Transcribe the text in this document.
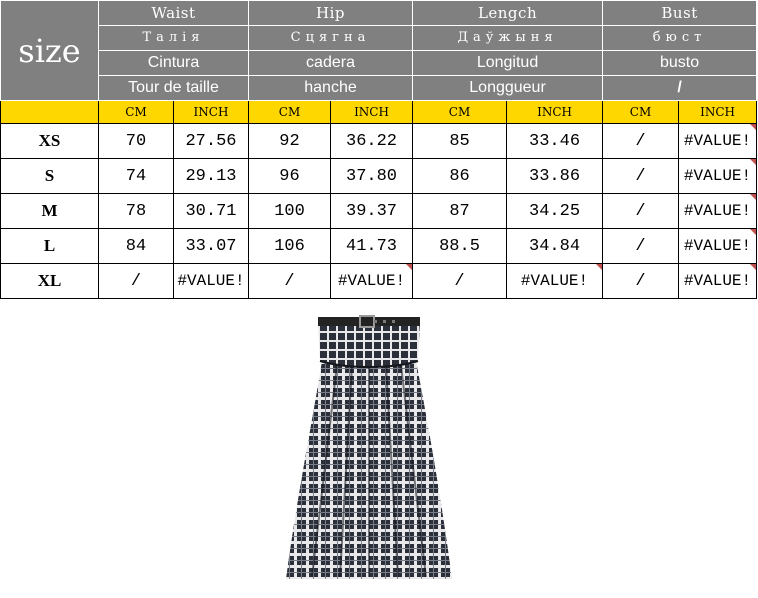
size	Waist		Hip		Lengch		Bust	
	Талія		Сцягна		Даўжыня		бюст	
	Cintura		cadera		Longitud		busto	
	Tour de taille		hanche		Longgueur		/	
	CM	INCH	CM	INCH	CM	INCH	CM	INCH
XS	70	27.56	92	36.22	85	33.46	/	#VALUE!

S	74	29.13	96	37.80	86	33.86	/	#VALUE!

M	78	30.71	100	39.37	87	34.25	/	#VALUE!

L	84	33.07	106	41.73	88.5	34.84	/	#VALUE!

XL	/	#VALUE!	/	#VALUE!	/	#VALUE!	/	#VALUE!
